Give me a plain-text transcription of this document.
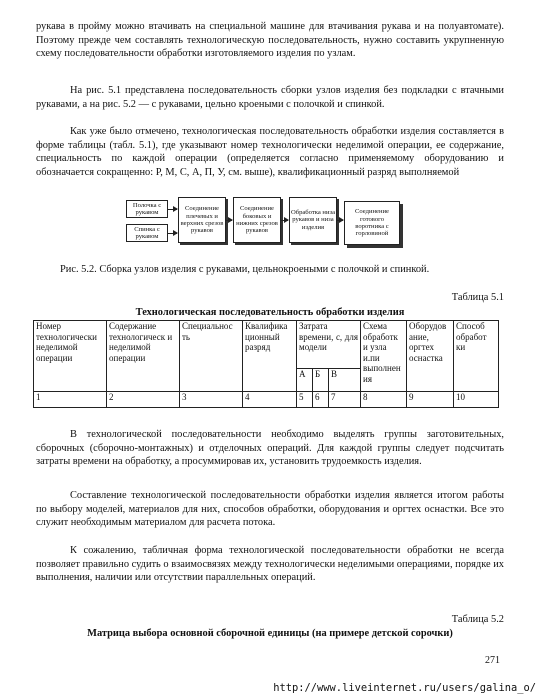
рукава в пройму можно втачивать на специальной машине для втачивания рукава и на полуавтомате). Поэтому прежде чем составлять технологическую последовательность, нужно составить укрупненную схему последовательности обработки изготовляемого изделия по узлам.

На рис. 5.1 представлена последовательность сборки узлов изделия без подкладки с втачными рукавами, а на рис. 5.2 — с рукавами, цельно кроеными с полочкой и спинкой.

Как уже было отмечено, технологическая последовательность обработки изделия составляется в форме таблицы (табл. 5.1), где указывают номер технологически неделимой операции, ее содержание, специальность по каждой операции (определяется согласно применяемому оборудованию и обозначается сокращенно: Р, М, С, А, П, У, см. выше), квалификационный разряд выполняемой

Полочка с рукавом
Спинка с рукавом
Соединение плечевых и верхних срезов рукавов
Соединение боковых и нижних срезов рукавов
Обработка низа рукавов и низа изделия
Соединение готового воротника с горловиной

Рис. 5.2. Сборка узлов изделия с рукавами, цельнокроеными с полочкой и спинкой.

Таблица 5.1

Технологическая последовательность обработки изделия

Номер технологически неделимой операции	Содержание технологическ и неделимой операции	Специальнос ть	Квалифика ционный разряд	Затрата времени, с, для модели			Схема обработк и узла и.пи выполнен ия	Оборудов ание, оргтех оснастка	Способ обработ ки
				А	Б	В			
1	2	3	4	5	6	7	8	9	10

В технологической последовательности необходимо выделять группы заготовительных, сборочных (сборочно-монтажных) и отделочных операций. Для каждой группы следует подсчитать затраты времени на обработку, а просуммировав их, установить трудоемкость изделия.

Составление технологической последовательности обработки изделия является итогом работы по выбору моделей, материалов для них, способов обработки, оборудования и оргтех оснастки. Все это служит необходимым материалом для расчета потока.

К сожалению, табличная форма технологической последовательности обработки не всегда позволяет правильно судить о взаимосвязях между технологически неделимыми операциями, порядке их выполнения, наличии или отсутствии параллельных операций.

Таблица 5.2

Матрица выбора основной сборочной единицы (на примере детской сорочки)

271

http://www.liveinternet.ru/users/galina_o/
